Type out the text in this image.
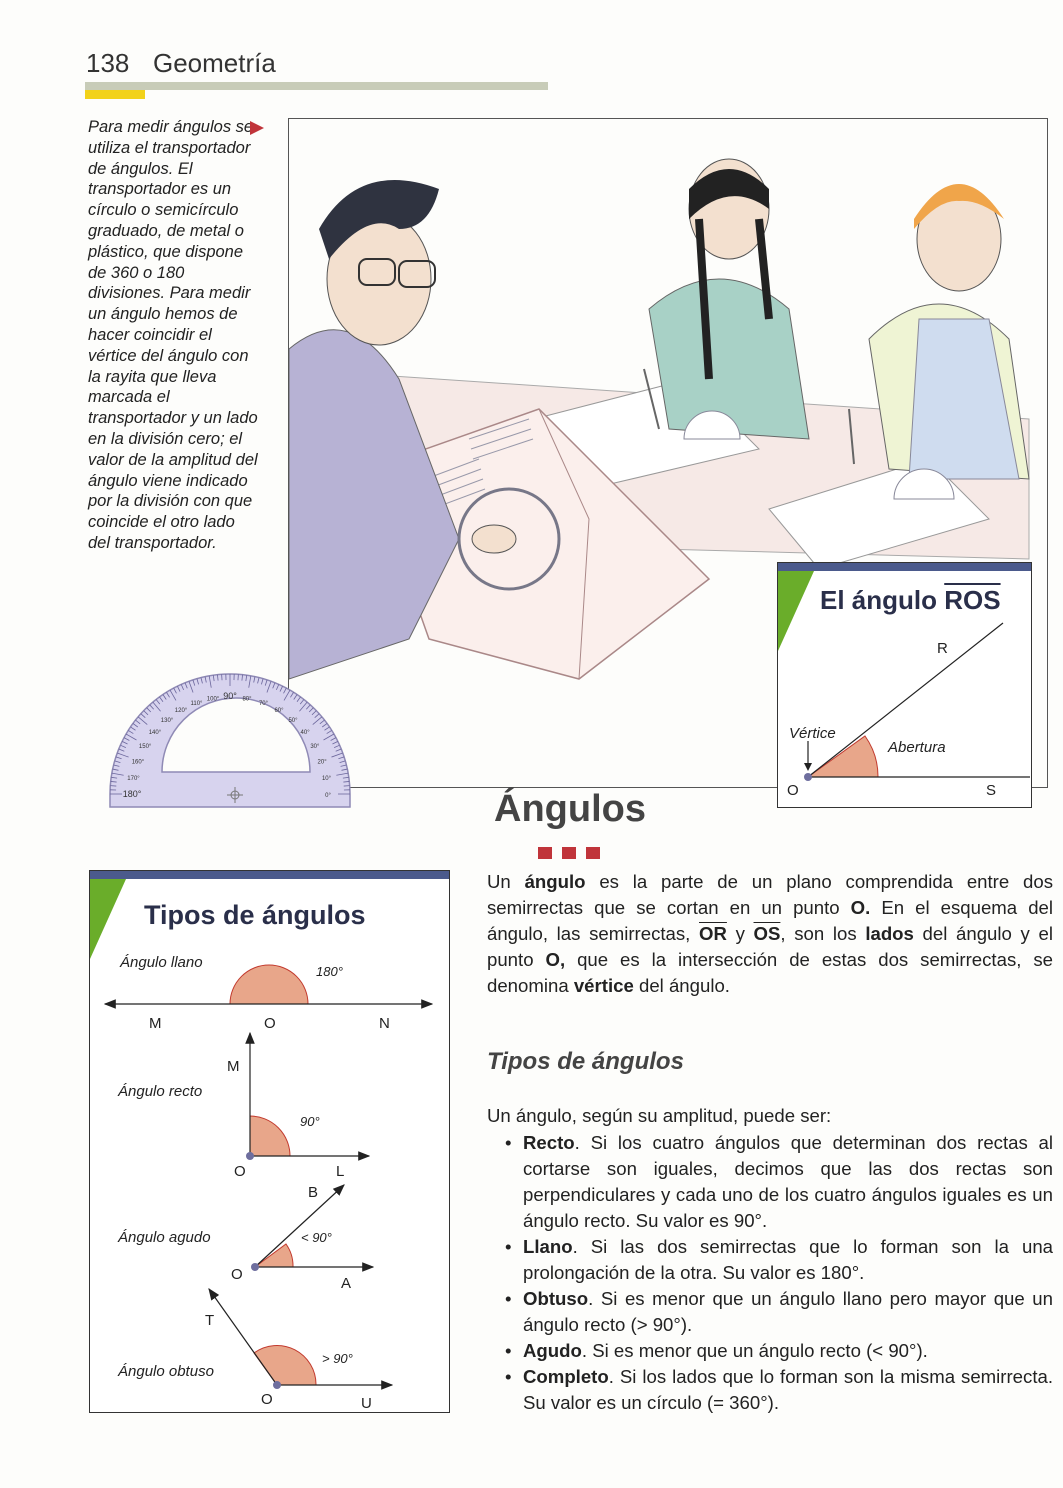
138 Geometría
Para medir ángulos se utiliza el transportador de ángulos. El transportador es un círculo o semicírculo graduado, de metal o plástico, que dispone de 360 o 180 divisiones. Para medir un ángulo hemos de hacer coincidir el vértice del ángulo con la rayita que lleva marcada el transportador y un lado en la división cero; el valor de la amplitud del ángulo viene indicado por la división con que coincide el otro lado del transportador.
180°
170°
160°
150°
140°
130°
120°
110°
100° 90° 80°
70°
60°
50°
40°
30°
20°
10°
0°
El ángulo $\overline{ROS}$
R
Vértice
Abertura
O	S
Ángulos
Un ángulo es la parte de un plano comprendida entre dos semirrectas que se cortan en un punto O. En el esquema del ángulo, las semirrectas, $\overline{OR}$ y $\overline{OS}$, son los lados del ángulo y el punto O, que es la intersección de estas dos semirrectas, se denomina vértice del ángulo.
Tipos de ángulos
Un ángulo, según su amplitud, puede ser:
• Recto. Si los cuatro ángulos que determinan dos rectas al cortarse son iguales, decimos que las dos rectas son perpendiculares y cada uno de los cuatro ángulos iguales es un ángulo recto. Su valor es 90°.
• Llano. Si las dos semirrectas que lo forman son la una prolongación de la otra. Su valor es 180°.
• Obtuso. Si es menor que un ángulo llano pero mayor que un ángulo recto (> 90°).
• Agudo. Si es menor que un ángulo recto (< 90°).
• Completo. Si los lados que lo forman son la misma semirrecta. Su valor es un círculo (= 360°).
Tipos de ángulos
Ángulo llano
180°
M	O	N
M
Ángulo recto
90°
O	L
B
Ángulo agudo	< 90°
O
A
T
Ángulo obtuso
> 90°
O	U
